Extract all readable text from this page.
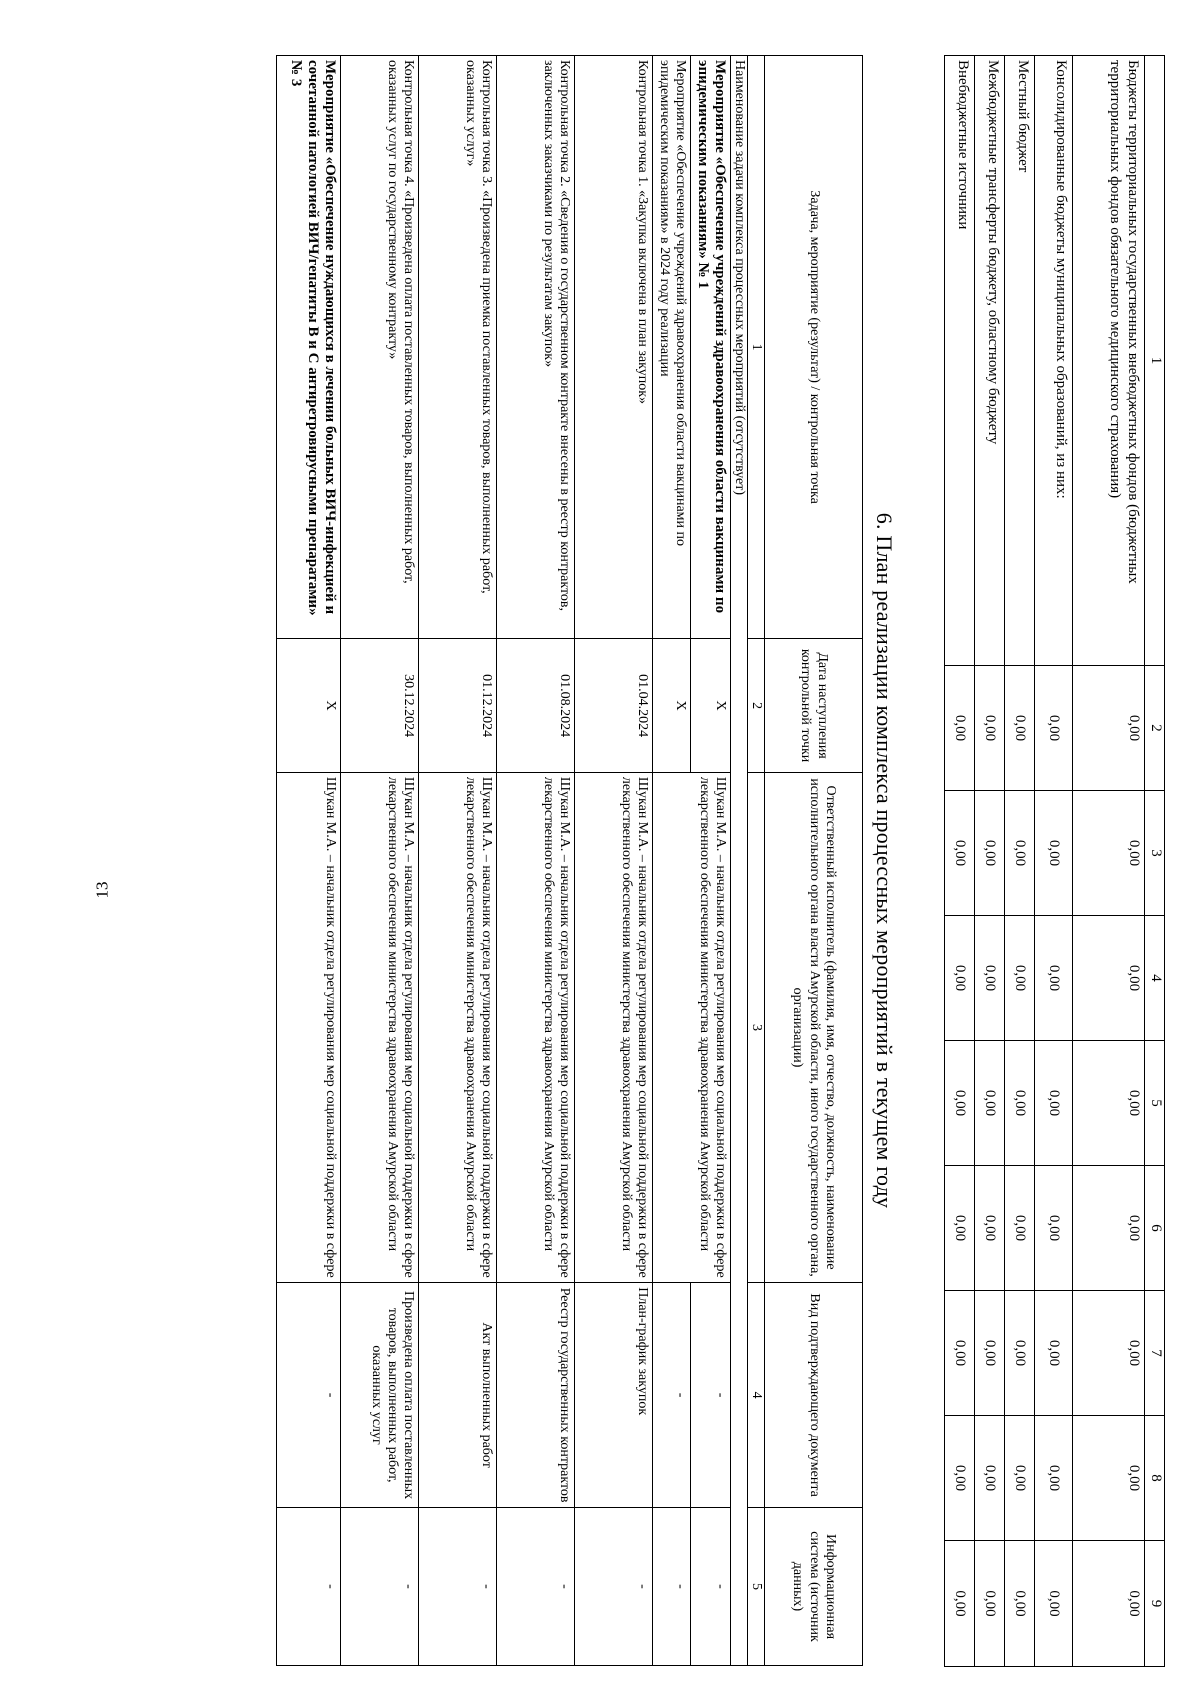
13
1	2	3	4	5	6	7	8	9
Бюджеты территориальных государственных внебюджетных фондов (бюджетных территориальных фондов обязательного медицинского страхования)	0,00	0,00	0,00	0,00	0,00	0,00	0,00	0,00
Консолидированные бюджеты муниципальных образований, из них:	0,00	0,00	0,00	0,00	0,00	0,00	0,00	0,00
Местный бюджет	0,00	0,00	0,00	0,00	0,00	0,00	0,00	0,00
Межбюджетные трансферты бюджету, областному бюджету	0,00	0,00	0,00	0,00	0,00	0,00	0,00	0,00
Внебюджетные источники	0,00	0,00	0,00	0,00	0,00	0,00	0,00	0,00
6. План реализации комплекса процессных мероприятий в текущем году
Задача, мероприятие (результат) / контрольная точка	Дата наступления контрольной точки	Ответственный исполнитель (фамилия, имя, отчество, должность, наименование исполнительного органа власти Амурской области, иного государственного органа, организации)	Вид подтверждающего документа	Информационная система (источник данных)
1	2	3	4	5
Наименование задачи комплекса процессных мероприятий (отсутствует)				
Мероприятие «Обеспечение учреждений здравоохранения области вакцинами по эпидемическим показаниям» № 1	Х	Шукан М.А. – начальник отдела регулирования мер социальной поддержки в сфере лекарственного обеспечения министерства здравоохранения Амурской области	-	-

Мероприятие «Обеспечение учреждений здравоохранения области вакцинами по эпидемическим показаниям» в 2024 году реализации	Х		-	-

Контрольная точка 1. «Закупка включена в план закупок»	01.04.2024	Шукан М.А. – начальник отдела регулирования мер социальной поддержки в сфере лекарственного обеспечения министерства здравоохранения Амурской области	План-график закупок	-

Контрольная точка 2. «Сведения о государственном контракте внесены в реестр контрактов, заключенных заказчиками по результатам закупок»	01.08.2024	Шукан М.А. – начальник отдела регулирования мер социальной поддержки в сфере лекарственного обеспечения министерства здравоохранения Амурской области	Реестр государственных контрактов	-

Контрольная точка 3. «Произведена приемка поставленных товаров, выполненных работ, оказанных услуг»	01.12.2024	Шукан М.А. – начальник отдела регулирования мер социальной поддержки в сфере лекарственного обеспечения министерства здравоохранения Амурской области	Акт выполненных работ	-

Контрольная точка 4. «Произведена оплата поставленных товаров, выполненных работ, оказанных услуг по государственному контракту»	30.12.2024	Шукан М.А. – начальник отдела регулирования мер социальной поддержки в сфере лекарственного обеспечения министерства здравоохранения Амурской области	Произведена оплата поставленных товаров, выполненных работ, оказанных услуг	-

Мероприятие «Обеспечение нуждающихся в лечении больных ВИЧ-инфекцией и сочетанной патологией ВИЧ/гепатиты В и С антиретровирусными препаратами» № 3	Х	Шукан М.А. – начальник отдела регулирования мер социальной поддержки в сфере	-	-
